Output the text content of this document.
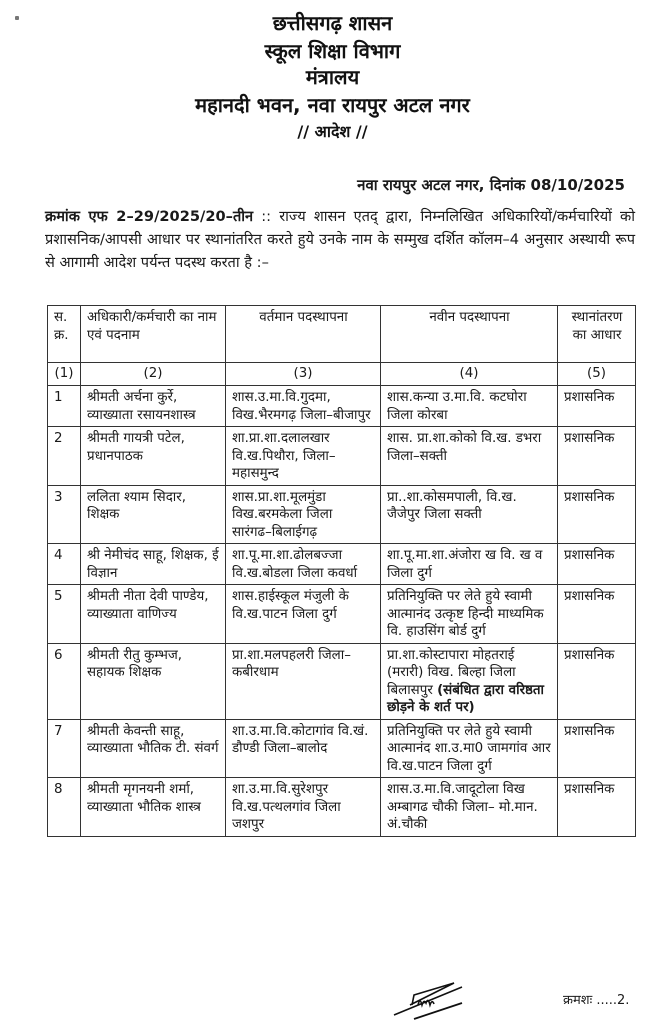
छत्तीसगढ़ शासन
स्कूल शिक्षा विभाग
मंत्रालय
महानदी भवन, नवा रायपुर अटल नगर
// आदेश //
नवा रायपुर अटल नगर, दिनांक 08/10/2025
क्रमांक एफ 2–29/2025/20–तीन :: राज्य शासन एतद् द्वारा, निम्नलिखित अधिकारियों/कर्मचारियों को प्रशासनिक/आपसी आधार पर स्थानांतरित करते हुये उनके नाम के सम्मुख दर्शित कॉलम–4 अनुसार अस्थायी रूप से आगामी आदेश पर्यन्त पदस्थ करता है :–
स. क्र.	अधिकारी/कर्मचारी का नाम एवं पदनाम	वर्तमान पदस्थापना	नवीन पदस्थापना	स्थानांतरण का आधार
(1)	(2)	(3)	(4)	(5)
1	श्रीमती अर्चना कुर्रे, व्याख्याता रसायनशास्त्र	शास.उ.मा.वि.गुदमा, विख.भैरमगढ़ जिला–बीजापुर	शास.कन्या उ.मा.वि. कटघोरा जिला कोरबा	प्रशासनिक
2	श्रीमती गायत्री पटेल, प्रधानपाठक	शा.प्रा.शा.दलालखार वि.ख.पिथौरा, जिला–महासमुन्द	शास. प्रा.शा.कोको वि.ख. डभरा जिला–सक्ती	प्रशासनिक
3	ललिता श्याम सिदार, शिक्षक	शास.प्रा.शा.मूलमुंडा विख.बरमकेला जिला सारंगढ–बिलाईगढ़	प्रा..शा.कोसमपाली, वि.ख. जैजेपुर जिला सक्ती	प्रशासनिक
4	श्री नेमीचंद साहू, शिक्षक, ई विज्ञान	शा.पू.मा.शा.ढोलबज्जा वि.ख.बोडला जिला कवर्धा	शा.पू.मा.शा.अंजोरा ख वि. ख व जिला दुर्ग	प्रशासनिक
5	श्रीमती नीता देवी पाण्डेय, व्याख्याता वाणिज्य	शास.हाईस्कूल मंजुली के वि.ख.पाटन जिला दुर्ग	प्रतिनियुक्ति पर लेते हुये स्वामी आत्मानंद उत्कृष्ट हिन्दी माध्यमिक वि. हाउसिंग बोर्ड दुर्ग	प्रशासनिक
6	श्रीमती रीतु कुम्भज, सहायक शिक्षक	प्रा.शा.मलपहलरी जिला–कबीरधाम	प्रा.शा.कोस्टापारा मोहतराई (मरारी) विख. बिल्हा जिला बिलासपुर (संबंधित द्वारा वरिष्ठता छोड़ने के शर्त पर)	प्रशासनिक
7	श्रीमती केवन्ती साहू, व्याख्याता भौतिक टी. संवर्ग	शा.उ.मा.वि.कोटागांव वि.खं. डौण्डी जिला–बालोद	प्रतिनियुक्ति पर लेते हुये स्वामी आत्मानंद शा.उ.मा0 जामगांव आर वि.ख.पाटन जिला दुर्ग	प्रशासनिक
8	श्रीमती मृगनयनी शर्मा, व्याख्याता भौतिक शास्त्र	शा.उ.मा.वि.सुरेशपुर वि.ख.पत्थलगांव जिला जशपुर	शास.उ.मा.वि.जादूटोला विख अम्बागढ चौकी जिला– मो.मान. अं.चौकी	प्रशासनिक
क्रमशः .....2.
